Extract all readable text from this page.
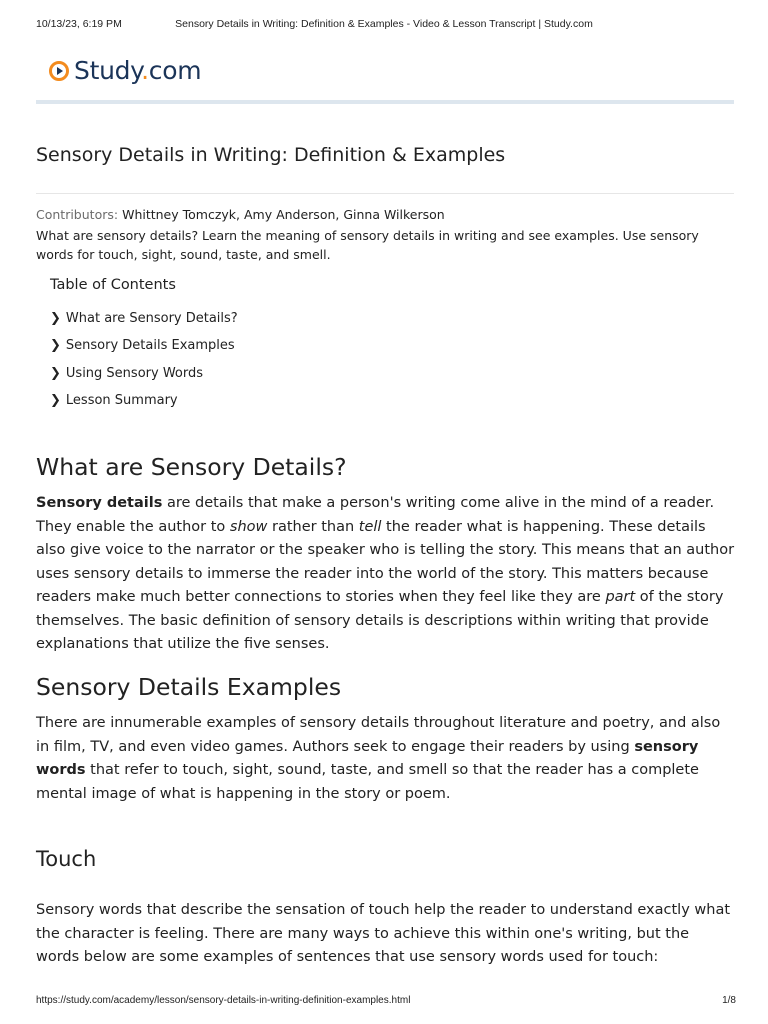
10/13/23, 6:19 PM	Sensory Details in Writing: Definition & Examples - Video & Lesson Transcript | Study.com
Study.com
Sensory Details in Writing: Definition & Examples
Contributors: Whittney Tomczyk, Amy Anderson, Ginna Wilkerson

What are sensory details? Learn the meaning of sensory details in writing and see examples. Use sensory words for touch, sight, sound, taste, and smell.

Table of Contents
❯ What are Sensory Details?
❯ Sensory Details Examples
❯ Using Sensory Words
❯ Lesson Summary
What are Sensory Details?

Sensory details are details that make a person's writing come alive in the mind of a reader. They enable the author to show rather than tell the reader what is happening. These details also give voice to the narrator or the speaker who is telling the story. This means that an author uses sensory details to immerse the reader into the world of the story. This matters because readers make much better connections to stories when they feel like they are part of the story themselves. The basic definition of sensory details is descriptions within writing that provide explanations that utilize the five senses.

Sensory Details Examples

There are innumerable examples of sensory details throughout literature and poetry, and also in film, TV, and even video games. Authors seek to engage their readers by using sensory words that refer to touch, sight, sound, taste, and smell so that the reader has a complete mental image of what is happening in the story or poem.

Touch

Sensory words that describe the sensation of touch help the reader to understand exactly what the character is feeling. There are many ways to achieve this within one's writing, but the words below are some examples of sentences that use sensory words used for touch:

https://study.com/academy/lesson/sensory-details-in-writing-definition-examples.html	1/8
